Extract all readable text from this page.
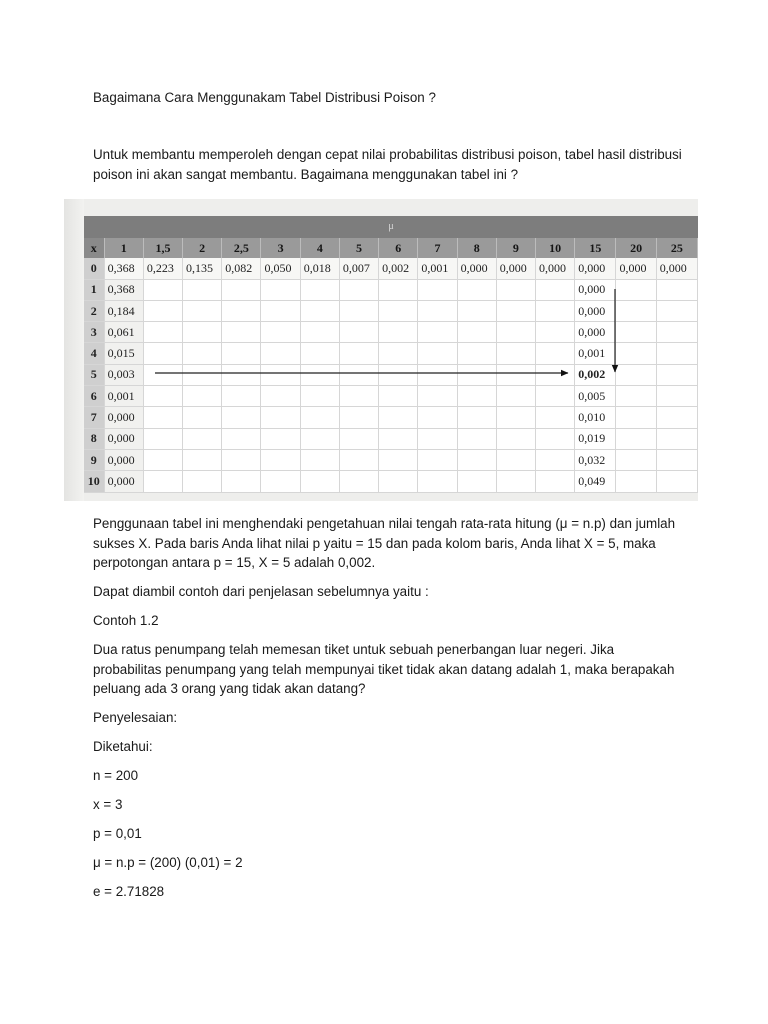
Bagaimana Cara Menggunakam Tabel Distribusi Poison ?

Untuk membantu memperoleh dengan cepat nilai probabilitas distribusi poison, tabel hasil distribusi poison ini akan sangat membantu. Bagaimana menggunakan tabel ini ?

μ
x	1	1,5	2	2,5	3	4	5	6	7	8	9	10	15	20	25
0	0,368	0,223	0,135	0,082	0,050	0,018	0,007	0,002	0,001	0,000	0,000	0,000	0,000	0,000	0,000
1	0,368												0,000		
2	0,184												0,000		
3	0,061												0,000		
4	0,015												0,001		
5	0,003												0,002		
6	0,001												0,005		
7	0,000												0,010		
8	0,000												0,019		
9	0,000												0,032		
10	0,000												0,049		

Penggunaan tabel ini menghendaki pengetahuan nilai tengah rata-rata hitung (μ = n.p) dan jumlah sukses X. Pada baris Anda lihat nilai p yaitu = 15 dan pada kolom baris, Anda lihat X = 5, maka perpotongan antara p = 15, X = 5 adalah 0,002.

Dapat diambil contoh dari penjelasan sebelumnya yaitu :

Contoh 1.2

Dua ratus penumpang telah memesan tiket untuk sebuah penerbangan luar negeri. Jika probabilitas penumpang yang telah mempunyai tiket tidak akan datang adalah 1, maka berapakah peluang ada 3 orang yang tidak akan datang?

Penyelesaian:

Diketahui:

n = 200

x = 3

p = 0,01

μ = n.p = (200) (0,01) = 2

e = 2.71828
